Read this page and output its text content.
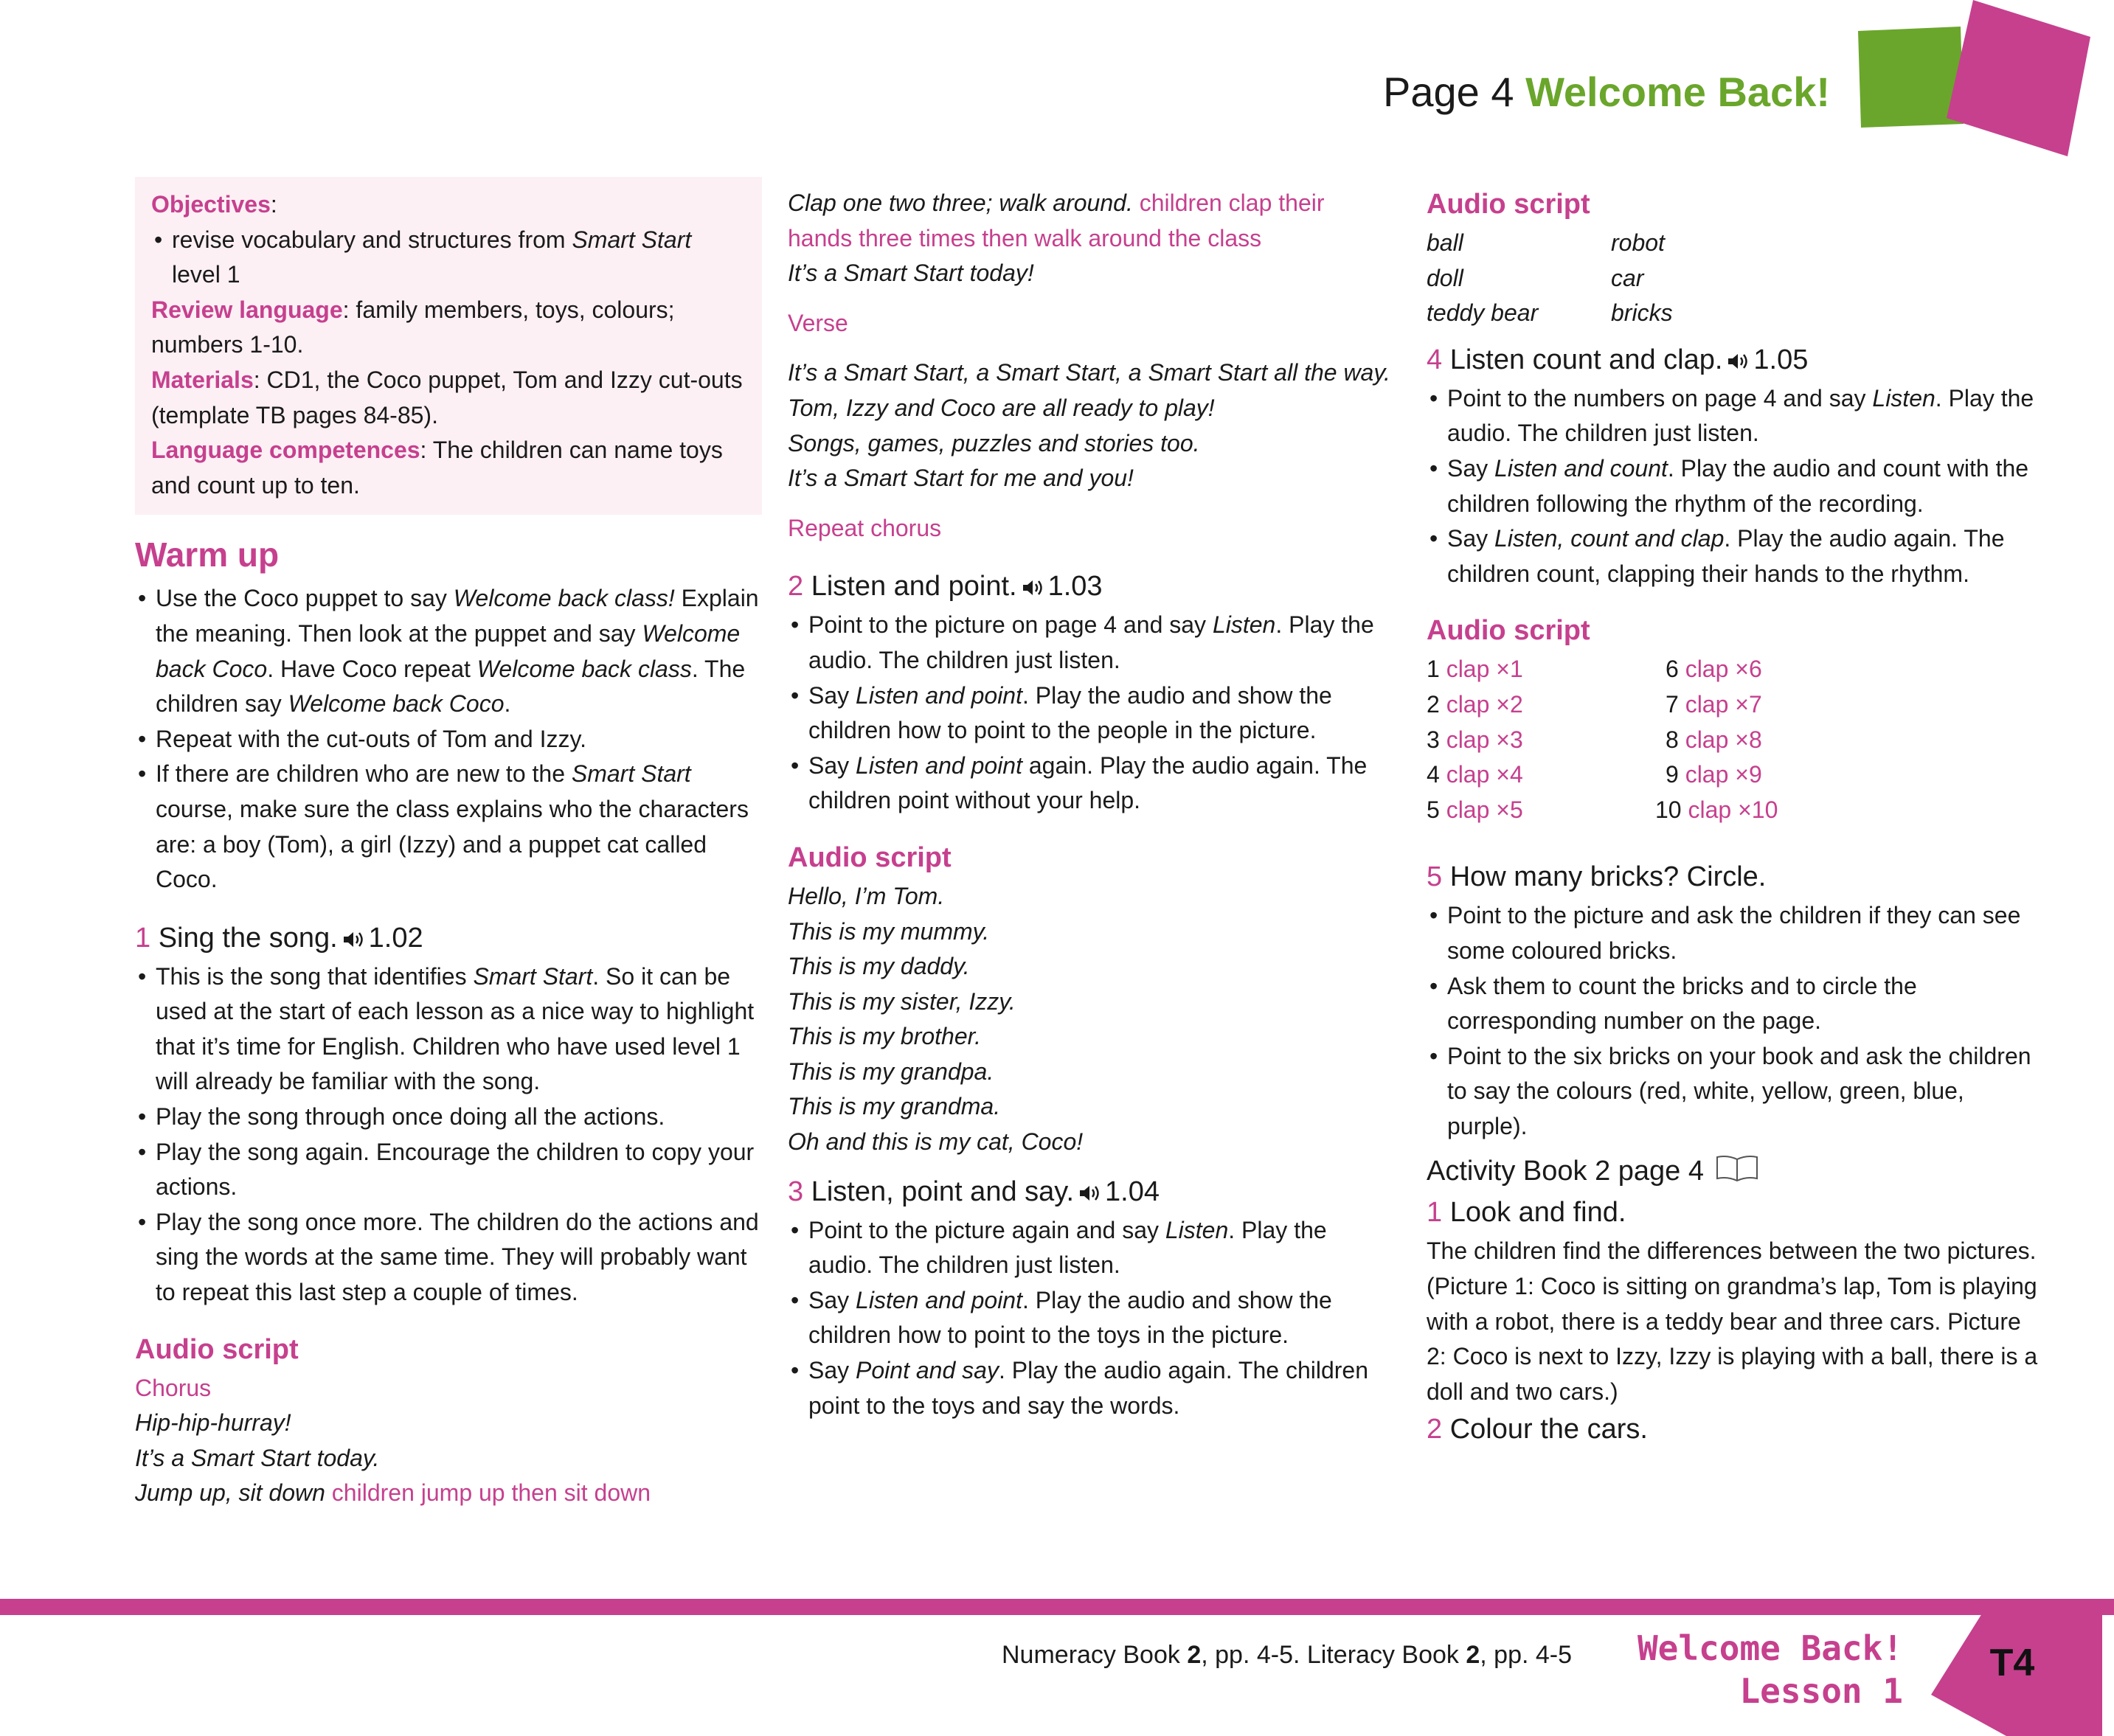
Page 4 Welcome Back!

Objectives:

• revise vocabulary and structures from Smart Start level 1

Review language: family members, toys, colours; numbers 1-10.

Materials: CD1, the Coco puppet, Tom and Izzy cut-outs (template TB pages 84-85).

Language competences: The children can name toys and count up to ten.

Warm up
• Use the Coco puppet to say Welcome back class! Explain the meaning. Then look at the puppet and say Welcome back Coco. Have Coco repeat Welcome back class. The children say Welcome back Coco.
• Repeat with the cut-outs of Tom and Izzy.
• If there are children who are new to the Smart Start course, make sure the class explains who the characters are: a boy (Tom), a girl (Izzy) and a puppet cat called Coco.
1 Sing the song. 1.02
• This is the song that identifies Smart Start. So it can be used at the start of each lesson as a nice way to highlight that it’s time for English. Children who have used level 1 will already be familiar with the song.
• Play the song through once doing all the actions.
• Play the song again. Encourage the children to copy your actions.
• Play the song once more. The children do the actions and sing the words at the same time. They will probably want to repeat this last step a couple of times.
Audio script

Chorus

Hip-hip-hurray!

It’s a Smart Start today.

Jump up, sit down children jump up then sit down

Clap one two three; walk around. children clap their hands three times then walk around the class

It’s a Smart Start today!

Verse

It’s a Smart Start, a Smart Start, a Smart Start all the way.

Tom, Izzy and Coco are all ready to play!

Songs, games, puzzles and stories too.

It’s a Smart Start for me and you!

Repeat chorus

2 Listen and point. 1.03
• Point to the picture on page 4 and say Listen. Play the audio. The children just listen.
• Say Listen and point. Play the audio and show the children how to point to the people in the picture.
• Say Listen and point again. Play the audio again. The children point without your help.
Audio script

Hello, I’m Tom.

This is my mummy.

This is my daddy.

This is my sister, Izzy.

This is my brother.

This is my grandpa.

This is my grandma.

Oh and this is my cat, Coco!

3 Listen, point and say. 1.04
• Point to the picture again and say Listen. Play the audio. The children just listen.
• Say Listen and point. Play the audio and show the children how to point to the toys in the picture.
• Say Point and say. Play the audio again. The children point to the toys and say the words.
Audio script
ball	robot
doll	car
teddy bear	bricks
4 Listen count and clap. 1.05
• Point to the numbers on page 4 and say Listen. Play the audio. The children just listen.
• Say Listen and count. Play the audio and count with the children following the rhythm of the recording.
• Say Listen, count and clap. Play the audio again. The children count, clapping their hands to the rhythm.
Audio script
1 clap ×1	6 clap ×6
2 clap ×2	7 clap ×7
3 clap ×3	8 clap ×8
4 clap ×4	9 clap ×9
5 clap ×5	10 clap ×10
5 How many bricks? Circle.
• Point to the picture and ask the children if they can see some coloured bricks.
• Ask them to count the bricks and to circle the corresponding number on the page.
• Point to the six bricks on your book and ask the children to say the colours (red, white, yellow, green, blue, purple).
Activity Book 2 page 4
1 Look and find.

The children find the differences between the two pictures. (Picture 1: Coco is sitting on grandma’s lap, Tom is playing with a robot, there is a teddy bear and three cars. Picture 2: Coco is next to Izzy, Izzy is playing with a ball, there is a doll and two cars.)

2 Colour the cars.
Numeracy Book 2, pp. 4-5. Literacy Book 2, pp. 4-5	Welcome Back!
Lesson 1
T4
